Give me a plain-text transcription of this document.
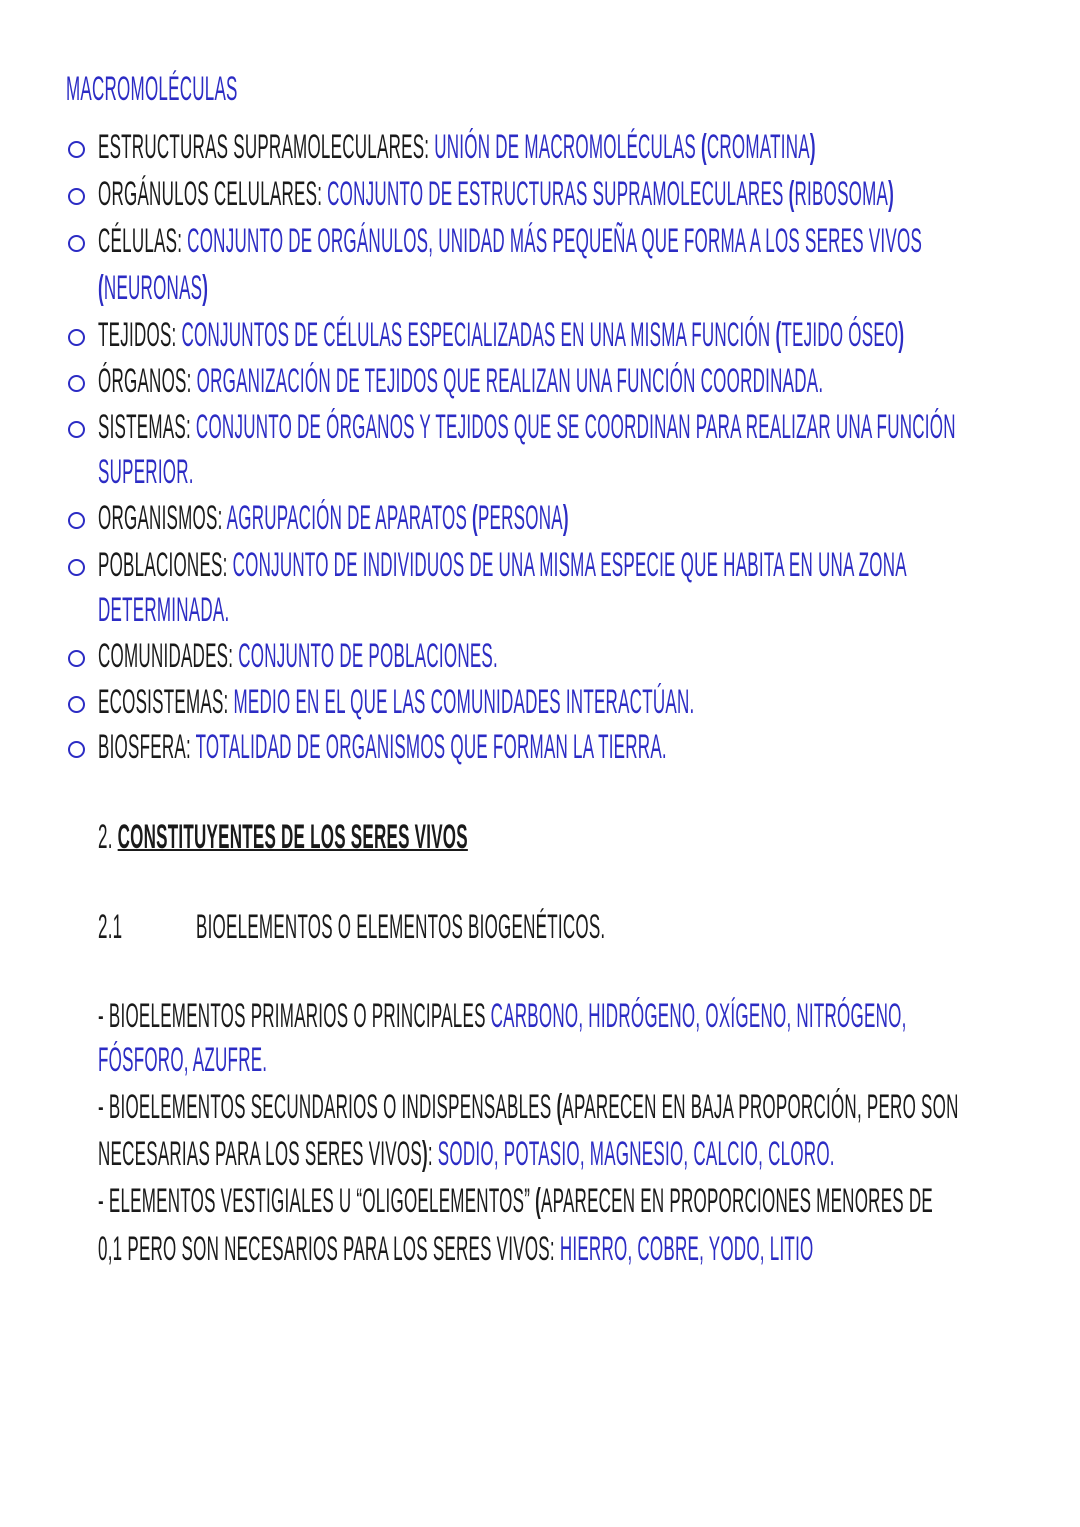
MACROMOLÉCULAS
ESTRUCTURAS SUPRAMOLECULARES: UNIÓN DE MACROMOLÉCULAS (CROMATINA)
ORGÁNULOS CELULARES: CONJUNTO DE ESTRUCTURAS SUPRAMOLECULARES (RIBOSOMA)
CÉLULAS: CONJUNTO DE ORGÁNULOS, UNIDAD MÁS PEQUEÑA QUE FORMA A LOS SERES VIVOS
(NEURONAS)
TEJIDOS: CONJUNTOS DE CÉLULAS ESPECIALIZADAS EN UNA MISMA FUNCIÓN (TEJIDO ÓSEO)
ÓRGANOS: ORGANIZACIÓN DE TEJIDOS QUE REALIZAN UNA FUNCIÓN COORDINADA.
SISTEMAS: CONJUNTO DE ÓRGANOS Y TEJIDOS QUE SE COORDINAN PARA REALIZAR UNA FUNCIÓN
SUPERIOR.
ORGANISMOS: AGRUPACIÓN DE APARATOS (PERSONA)
POBLACIONES: CONJUNTO DE INDIVIDUOS DE UNA MISMA ESPECIE QUE HABITA EN UNA ZONA
DETERMINADA.
COMUNIDADES: CONJUNTO DE POBLACIONES.
ECOSISTEMAS: MEDIO EN EL QUE LAS COMUNIDADES INTERACTÚAN.
BIOSFERA: TOTALIDAD DE ORGANISMOS QUE FORMAN LA TIERRA.
2. CONSTITUYENTES DE LOS SERES VIVOS
2.1 BIOELEMENTOS O ELEMENTOS BIOGENÉTICOS.
- BIOELEMENTOS PRIMARIOS O PRINCIPALES CARBONO, HIDRÓGENO, OXÍGENO, NITRÓGENO,
FÓSFORO, AZUFRE.
- BIOELEMENTOS SECUNDARIOS O INDISPENSABLES (APARECEN EN BAJA PROPORCIÓN, PERO SON
NECESARIAS PARA LOS SERES VIVOS): SODIO, POTASIO, MAGNESIO, CALCIO, CLORO.
- ELEMENTOS VESTIGIALES U “OLIGOELEMENTOS” (APARECEN EN PROPORCIONES MENORES DE
0,1 PERO SON NECESARIOS PARA LOS SERES VIVOS: HIERRO, COBRE, YODO, LITIO
